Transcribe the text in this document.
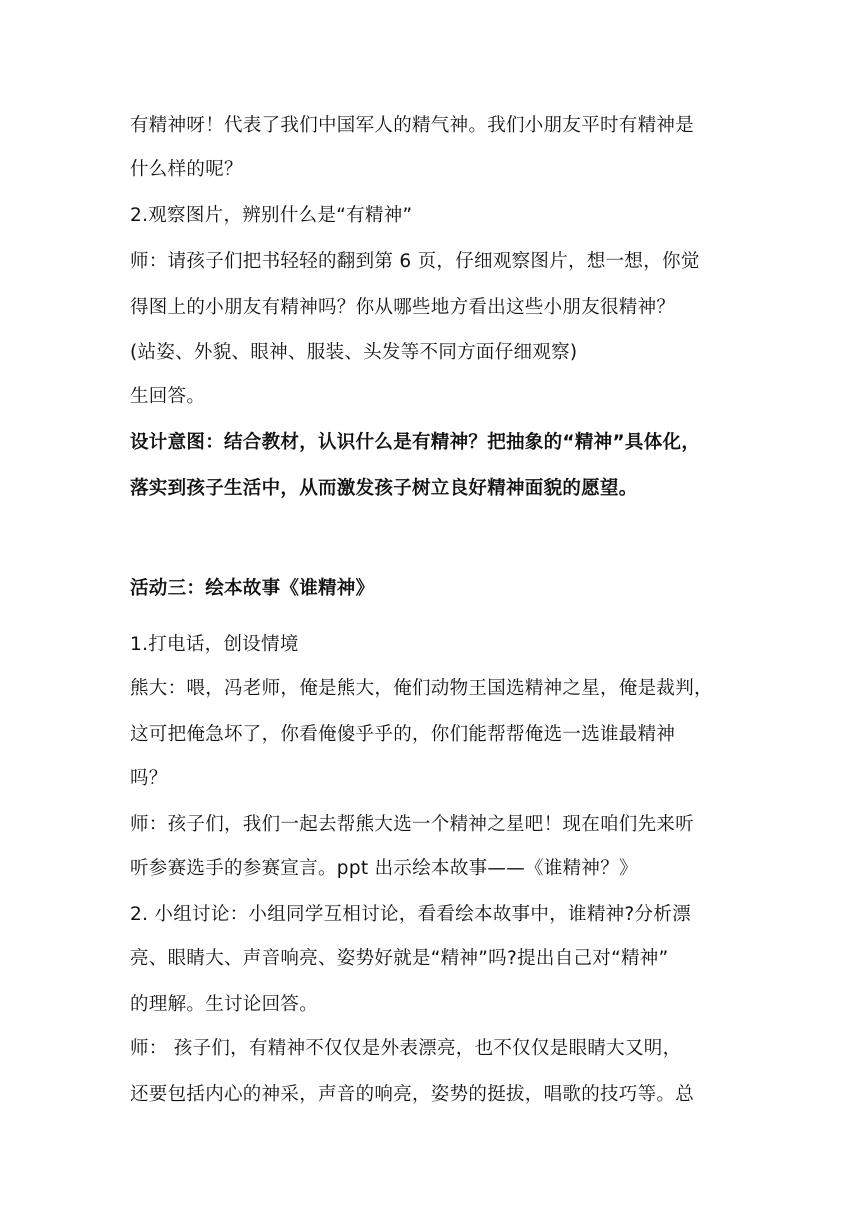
有精神呀！代表了我们中国军人的精气神。我们小朋友平时有精神是
什么样的呢？
2.观察图片，辨别什么是“有精神”
师：请孩子们把书轻轻的翻到第 6 页，仔细观察图片，想一想，你觉
得图上的小朋友有精神吗？你从哪些地方看出这些小朋友很精神？
(站姿、外貌、眼神、服装、头发等不同方面仔细观察)
生回答。
设计意图：结合教材，认识什么是有精神？把抽象的“精神”具体化，
落实到孩子生活中，从而激发孩子树立良好精神面貌的愿望。
活动三：绘本故事《谁精神》
1.打电话，创设情境
熊大：喂，冯老师，俺是熊大，俺们动物王国选精神之星，俺是裁判，
这可把俺急坏了，你看俺傻乎乎的，你们能帮帮俺选一选谁最精神
吗？
师：孩子们，我们一起去帮熊大选一个精神之星吧！现在咱们先来听
听参赛选手的参赛宣言。ppt 出示绘本故事——《谁精神？》
2. 小组讨论：小组同学互相讨论，看看绘本故事中，谁精神?分析漂
亮、眼睛大、声音响亮、姿势好就是“精神”吗?提出自己对“精神”
的理解。生讨论回答。
师： 孩子们，有精神不仅仅是外表漂亮，也不仅仅是眼睛大又明，
还要包括内心的神采，声音的响亮，姿势的挺拔，唱歌的技巧等。总
